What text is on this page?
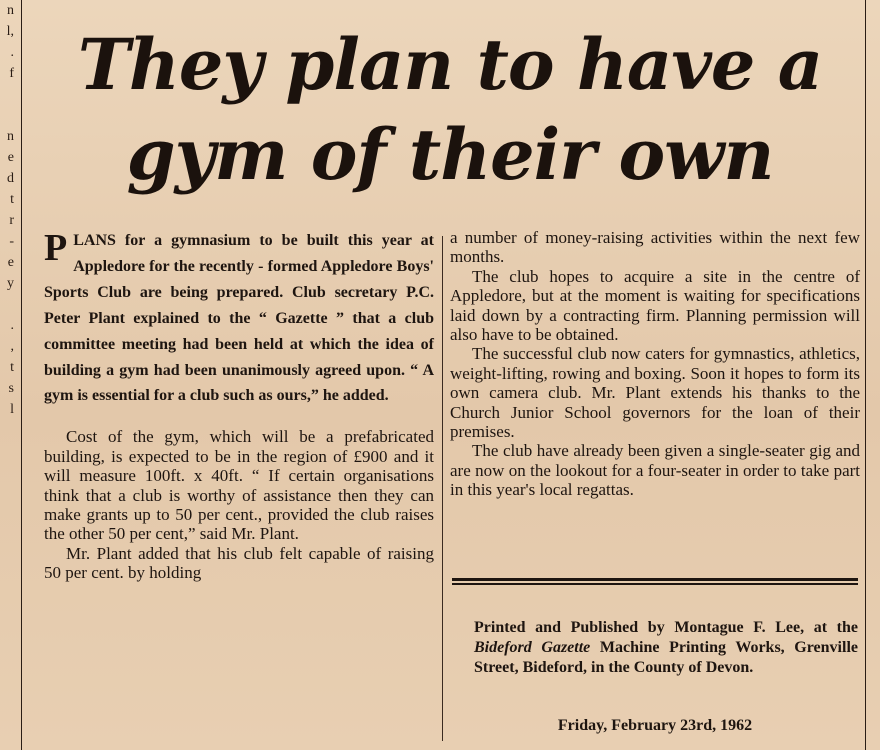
n
l,
.
f
n
e
d
t
r
-
e
y
.
,
t
s
l
They plan to have a
gym of their own
PLANS for a gymnasium to be built this year at Appledore for the recently - formed Appledore Boys' Sports Club are being prepared. Club secretary P.C. Peter Plant explained to the “ Gazette ” that a club committee meeting had been held at which the idea of building a gym had been unanimously agreed upon. “ A gym is essential for a club such as ours,” he added.

Cost of the gym, which will be a prefabricated building, is expected to be in the region of £900 and it will measure 100ft. x 40ft. “ If certain organisations think that a club is worthy of assistance then they can make grants up to 50 per cent., provided the club raises the other 50 per cent,” said Mr. Plant.

Mr. Plant added that his club felt capable of raising 50 per cent. by holding

a number of money-raising activities within the next few months.

The club hopes to acquire a site in the centre of Appledore, but at the moment is waiting for specifications laid down by a contracting firm. Planning permission will also have to be obtained.

The successful club now caters for gymnastics, athletics, weight-lifting, rowing and boxing. Soon it hopes to form its own camera club. Mr. Plant extends his thanks to the Church Junior School governors for the loan of their premises.

The club have already been given a single-seater gig and are now on the lookout for a four-seater in order to take part in this year's local regattas.

Printed and Published by Montague F. Lee, at the Bideford Gazette Machine Printing Works, Grenville Street, Bideford, in the County of Devon.
Friday, February 23rd, 1962
